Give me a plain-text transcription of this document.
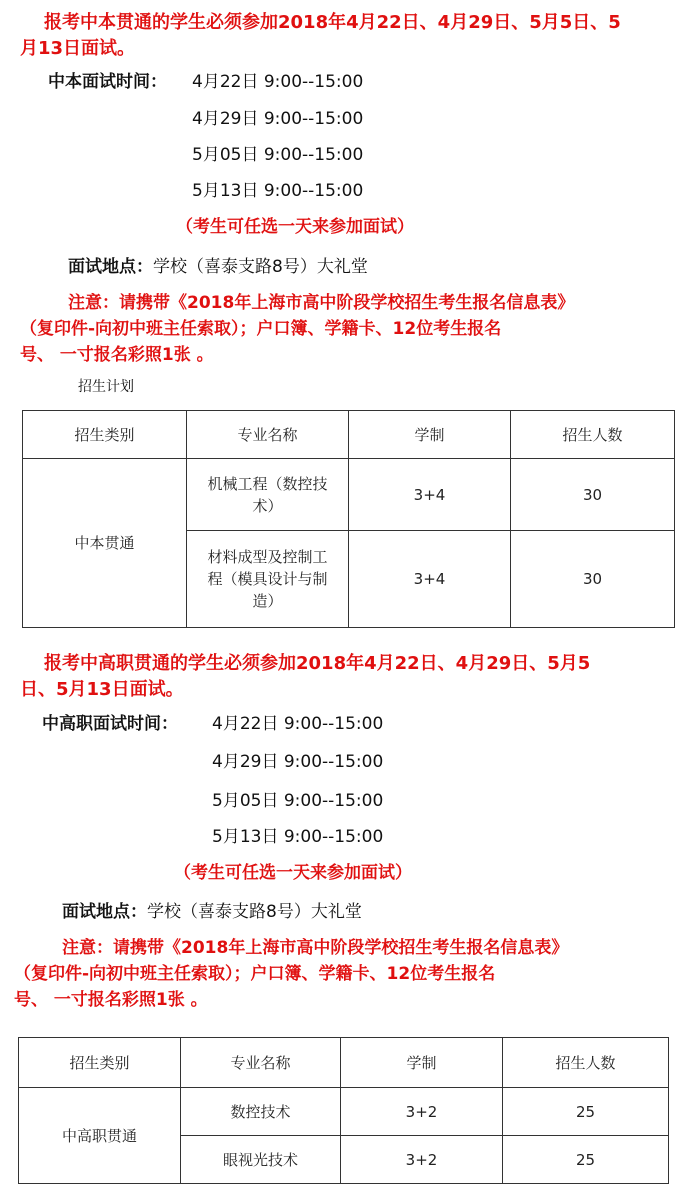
报考中本贯通的学生必须参加2018年4月22日、4月29日、5月5日、5
月13日面试。
中本面试时间： 4月22日 9:00--15:00
4月29日 9:00--15:00
5月05日 9:00--15:00
5月13日 9:00--15:00
（考生可任选一天来参加面试）
面试地点：学校（喜泰支路8号）大礼堂
注意：请携带《2018年上海市高中阶段学校招生考生报名信息表》
（复印件-向初中班主任索取）；户口簿、学籍卡、12位考生报名
号、 一寸报名彩照1张 。
招生计划
招生类别	专业名称	学制	招生人数
中本贯通	机械工程（数控技术）	3+4	30
	材料成型及控制工程（模具设计与制造）	3+4	30
报考中高职贯通的学生必须参加2018年4月22日、4月29日、5月5
日、5月13日面试。
中高职面试时间： 4月22日 9:00--15:00
4月29日 9:00--15:00
5月05日 9:00--15:00
5月13日 9:00--15:00
（考生可任选一天来参加面试）
面试地点：学校（喜泰支路8号）大礼堂
注意：请携带《2018年上海市高中阶段学校招生考生报名信息表》
（复印件-向初中班主任索取）；户口簿、学籍卡、12位考生报名
号、 一寸报名彩照1张 。
招生类别	专业名称	学制	招生人数
中高职贯通	数控技术	3+2	25
	眼视光技术	3+2	25
